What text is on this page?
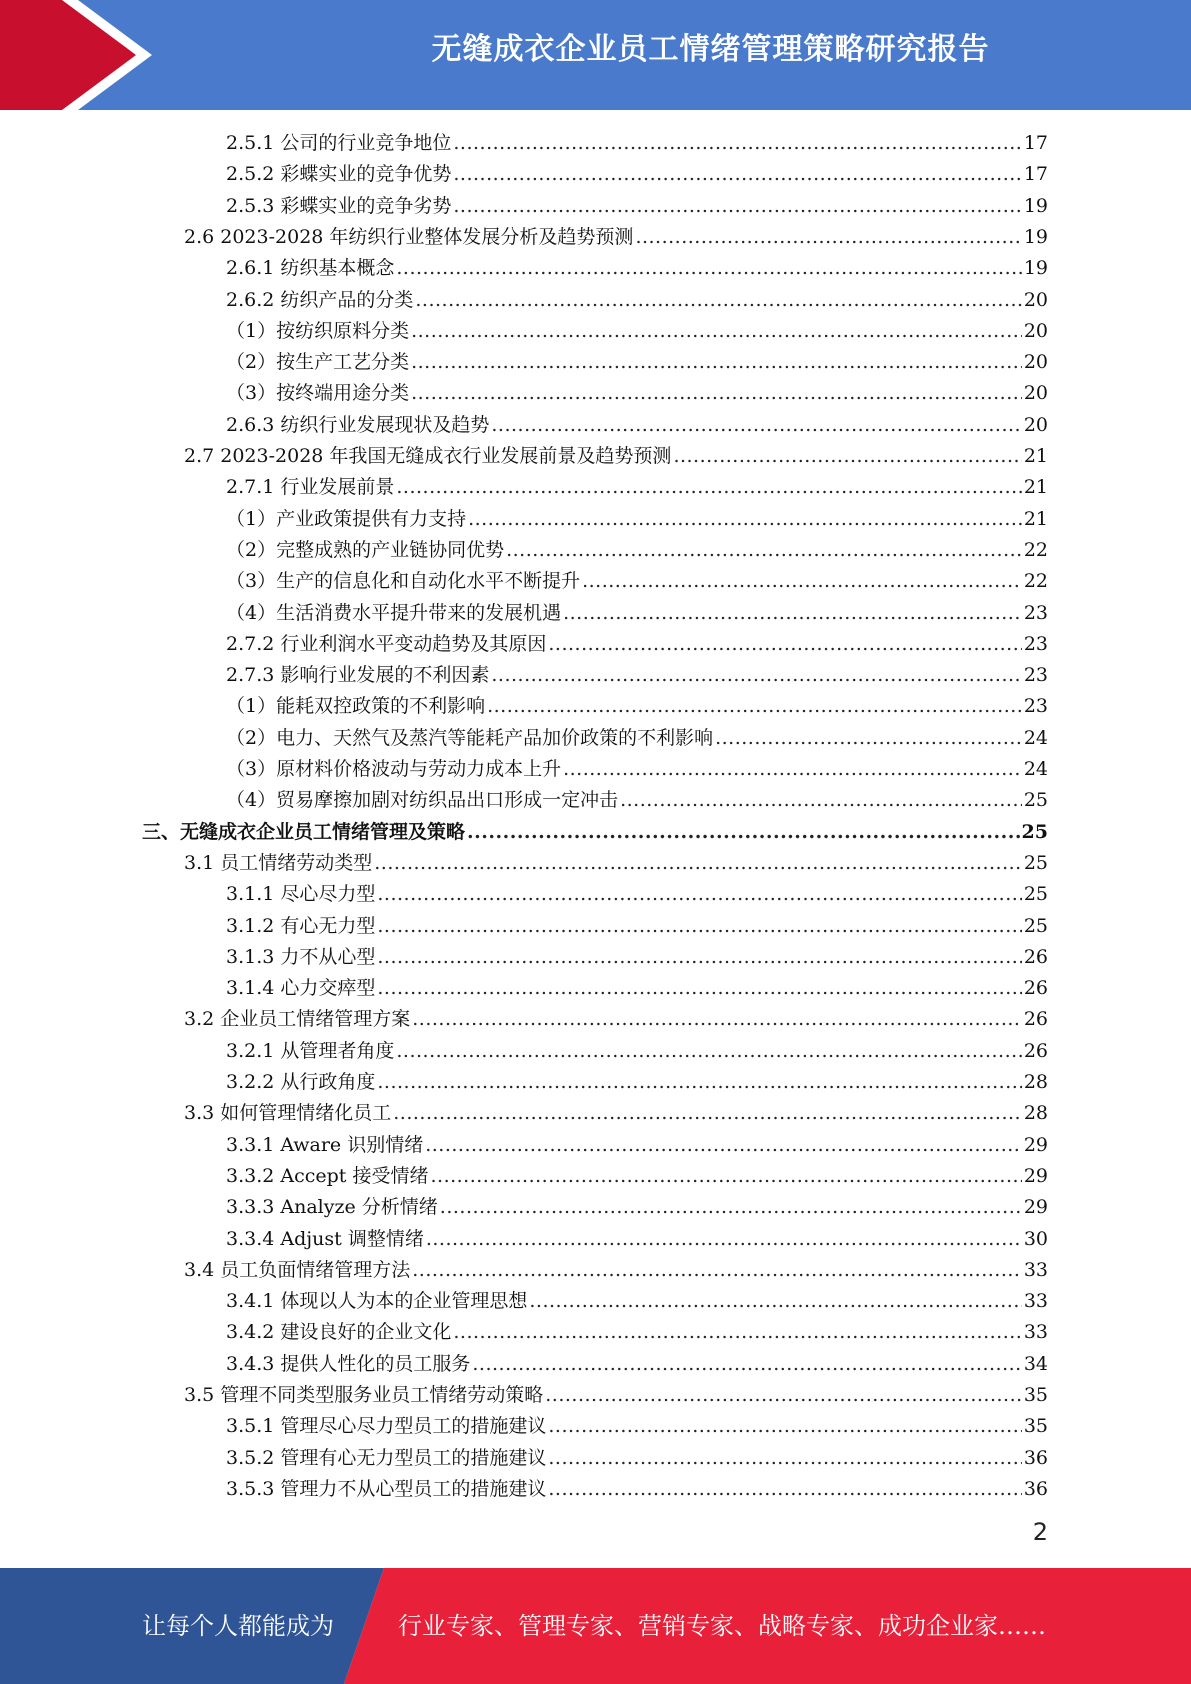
无缝成衣企业员工情绪管理策略研究报告
2.5.1 公司的行业竞争地位 .....	17
2.5.2 彩蝶实业的竞争优势 .....	17
2.5.3 彩蝶实业的竞争劣势 .....	19
2.6 2023-2028 年纺织行业整体发展分析及趋势预测 .....	19
2.6.1 纺织基本概念 .....	19
2.6.2 纺织产品的分类 .....	20
（1）按纺织原料分类 .....	20
（2）按生产工艺分类 .....	20
（3）按终端用途分类 .....	20
2.6.3 纺织行业发展现状及趋势 .....	20
2.7 2023-2028 年我国无缝成衣行业发展前景及趋势预测 .....	21
2.7.1 行业发展前景 .....	21
（1）产业政策提供有力支持 .....	21
（2）完整成熟的产业链协同优势 .....	22
（3）生产的信息化和自动化水平不断提升 .....	22
（4）生活消费水平提升带来的发展机遇 .....	23
2.7.2 行业利润水平变动趋势及其原因 .....	23
2.7.3 影响行业发展的不利因素 .....	23
（1）能耗双控政策的不利影响 .....	23
（2）电力、天然气及蒸汽等能耗产品加价政策的不利影响 .....	24
（3）原材料价格波动与劳动力成本上升 .....	24
（4）贸易摩擦加剧对纺织品出口形成一定冲击 .....	25
三、无缝成衣企业员工情绪管理及策略 .....	25
3.1 员工情绪劳动类型 .....	25
3.1.1 尽心尽力型 .....	25
3.1.2 有心无力型 .....	25
3.1.3 力不从心型 .....	26
3.1.4 心力交瘁型 .....	26
3.2 企业员工情绪管理方案 .....	26
3.2.1 从管理者角度 .....	26
3.2.2 从行政角度 .....	28
3.3 如何管理情绪化员工 .....	28
3.3.1 Aware 识别情绪 .....	29
3.3.2 Accept 接受情绪 .....	29
3.3.3 Analyze 分析情绪 .....	29
3.3.4 Adjust 调整情绪 .....	30
3.4 员工负面情绪管理方法 .....	33
3.4.1 体现以人为本的企业管理思想 .....	33
3.4.2 建设良好的企业文化 .....	33
3.4.3 提供人性化的员工服务 .....	34
3.5 管理不同类型服务业员工情绪劳动策略 .....	35
3.5.1 管理尽心尽力型员工的措施建议 .....	35
3.5.2 管理有心无力型员工的措施建议 .....	36
3.5.3 管理力不从心型员工的措施建议 .....	36
2
让每个人都能成为	行业专家、管理专家、营销专家、战略专家、成功企业家……
